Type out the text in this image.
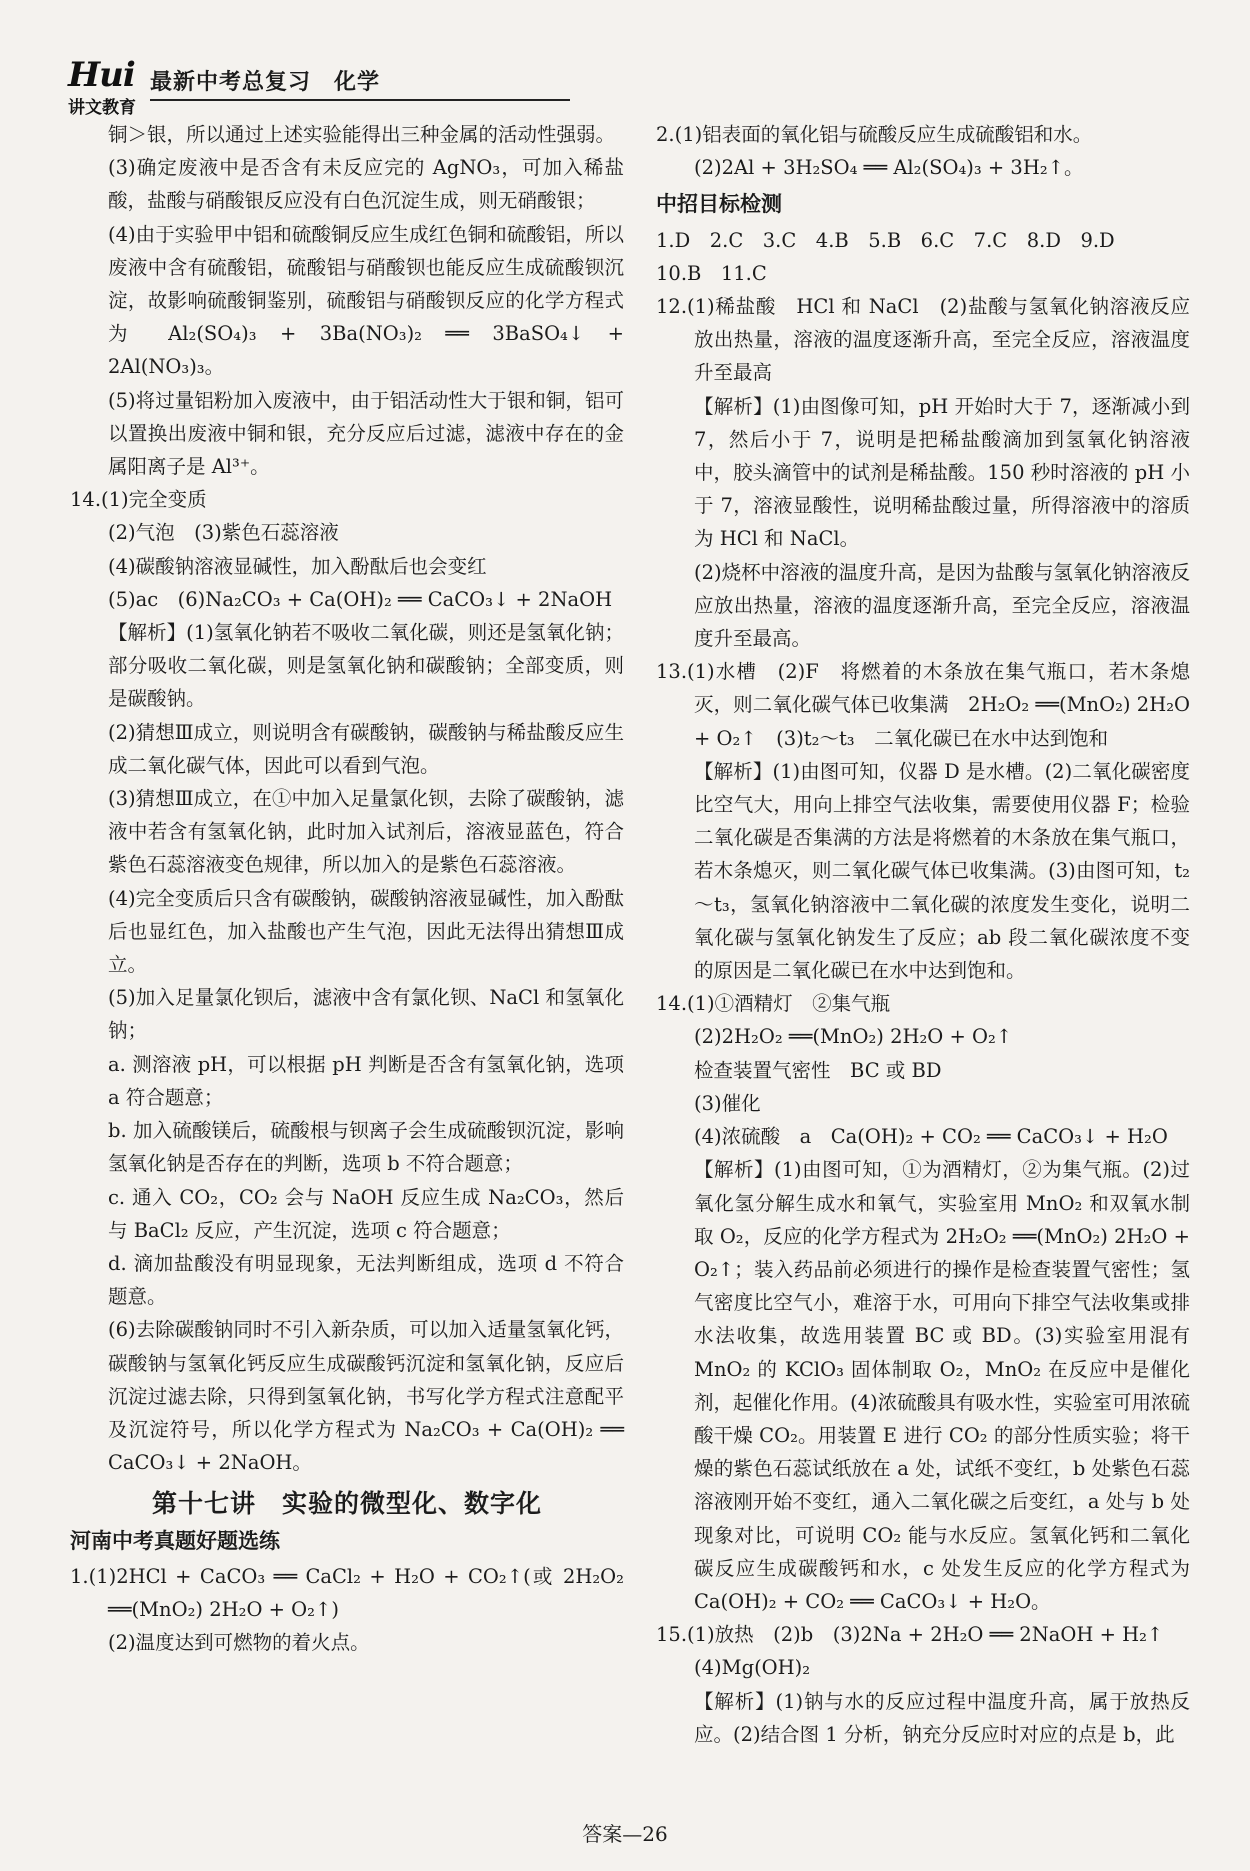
Hui
讲文教育
最新中考总复习　化学
铜＞银，所以通过上述实验能得出三种金属的活动性强弱。
(3)确定废液中是否含有未反应完的 AgNO₃，可加入稀盐酸，盐酸与硝酸银反应没有白色沉淀生成，则无硝酸银；
(4)由于实验甲中铝和硫酸铜反应生成红色铜和硫酸铝，所以废液中含有硫酸铝，硫酸铝与硝酸钡也能反应生成硫酸钡沉淀，故影响硫酸铜鉴别，硫酸铝与硝酸钡反应的化学方程式为 Al₂(SO₄)₃ + 3Ba(NO₃)₂ ══ 3BaSO₄↓ + 2Al(NO₃)₃。
(5)将过量铝粉加入废液中，由于铝活动性大于银和铜，铝可以置换出废液中铜和银，充分反应后过滤，滤液中存在的金属阳离子是 Al³⁺。
14.(1)完全变质
(2)气泡　(3)紫色石蕊溶液
(4)碳酸钠溶液显碱性，加入酚酞后也会变红
(5)ac　(6)Na₂CO₃ + Ca(OH)₂ ══ CaCO₃↓ + 2NaOH
【解析】(1)氢氧化钠若不吸收二氧化碳，则还是氢氧化钠；部分吸收二氧化碳，则是氢氧化钠和碳酸钠；全部变质，则是碳酸钠。
(2)猜想Ⅲ成立，则说明含有碳酸钠，碳酸钠与稀盐酸反应生成二氧化碳气体，因此可以看到气泡。
(3)猜想Ⅲ成立，在①中加入足量氯化钡，去除了碳酸钠，滤液中若含有氢氧化钠，此时加入试剂后，溶液显蓝色，符合紫色石蕊溶液变色规律，所以加入的是紫色石蕊溶液。
(4)完全变质后只含有碳酸钠，碳酸钠溶液显碱性，加入酚酞后也显红色，加入盐酸也产生气泡，因此无法得出猜想Ⅲ成立。
(5)加入足量氯化钡后，滤液中含有氯化钡、NaCl 和氢氧化钠；
a. 测溶液 pH，可以根据 pH 判断是否含有氢氧化钠，选项 a 符合题意；
b. 加入硫酸镁后，硫酸根与钡离子会生成硫酸钡沉淀，影响氢氧化钠是否存在的判断，选项 b 不符合题意；
c. 通入 CO₂，CO₂ 会与 NaOH 反应生成 Na₂CO₃，然后与 BaCl₂ 反应，产生沉淀，选项 c 符合题意；
d. 滴加盐酸没有明显现象，无法判断组成，选项 d 不符合题意。
(6)去除碳酸钠同时不引入新杂质，可以加入适量氢氧化钙，碳酸钠与氢氧化钙反应生成碳酸钙沉淀和氢氧化钠，反应后沉淀过滤去除，只得到氢氧化钠，书写化学方程式注意配平及沉淀符号，所以化学方程式为 Na₂CO₃ + Ca(OH)₂ ══ CaCO₃↓ + 2NaOH。
第十七讲　实验的微型化、数字化
河南中考真题好题选练
1.(1)2HCl + CaCO₃ ══ CaCl₂ + H₂O + CO₂↑(或 2H₂O₂ ══(MnO₂) 2H₂O + O₂↑)
(2)温度达到可燃物的着火点。
2.(1)铝表面的氧化铝与硫酸反应生成硫酸铝和水。
(2)2Al + 3H₂SO₄ ══ Al₂(SO₄)₃ + 3H₂↑。
中招目标检测
1.D　2.C　3.C　4.B　5.B　6.C　7.C　8.D　9.D
10.B　11.C
12.(1)稀盐酸　HCl 和 NaCl　(2)盐酸与氢氧化钠溶液反应放出热量，溶液的温度逐渐升高，至完全反应，溶液温度升至最高
【解析】(1)由图像可知，pH 开始时大于 7，逐渐减小到 7，然后小于 7，说明是把稀盐酸滴加到氢氧化钠溶液中，胶头滴管中的试剂是稀盐酸。150 秒时溶液的 pH 小于 7，溶液显酸性，说明稀盐酸过量，所得溶液中的溶质为 HCl 和 NaCl。
(2)烧杯中溶液的温度升高，是因为盐酸与氢氧化钠溶液反应放出热量，溶液的温度逐渐升高，至完全反应，溶液温度升至最高。
13.(1)水槽　(2)F　将燃着的木条放在集气瓶口，若木条熄灭，则二氧化碳气体已收集满　2H₂O₂ ══(MnO₂) 2H₂O + O₂↑　(3)t₂～t₃　二氧化碳已在水中达到饱和
【解析】(1)由图可知，仪器 D 是水槽。(2)二氧化碳密度比空气大，用向上排空气法收集，需要使用仪器 F；检验二氧化碳是否集满的方法是将燃着的木条放在集气瓶口，若木条熄灭，则二氧化碳气体已收集满。(3)由图可知，t₂～t₃，氢氧化钠溶液中二氧化碳的浓度发生变化，说明二氧化碳与氢氧化钠发生了反应；ab 段二氧化碳浓度不变的原因是二氧化碳已在水中达到饱和。
14.(1)①酒精灯　②集气瓶
(2)2H₂O₂ ══(MnO₂) 2H₂O + O₂↑
检查装置气密性　BC 或 BD
(3)催化
(4)浓硫酸　a　Ca(OH)₂ + CO₂ ══ CaCO₃↓ + H₂O
【解析】(1)由图可知，①为酒精灯，②为集气瓶。(2)过氧化氢分解生成水和氧气，实验室用 MnO₂ 和双氧水制取 O₂，反应的化学方程式为 2H₂O₂ ══(MnO₂) 2H₂O + O₂↑；装入药品前必须进行的操作是检查装置气密性；氢气密度比空气小，难溶于水，可用向下排空气法收集或排水法收集，故选用装置 BC 或 BD。(3)实验室用混有 MnO₂ 的 KClO₃ 固体制取 O₂，MnO₂ 在反应中是催化剂，起催化作用。(4)浓硫酸具有吸水性，实验室可用浓硫酸干燥 CO₂。用装置 E 进行 CO₂ 的部分性质实验；将干燥的紫色石蕊试纸放在 a 处，试纸不变红，b 处紫色石蕊溶液刚开始不变红，通入二氧化碳之后变红，a 处与 b 处现象对比，可说明 CO₂ 能与水反应。氢氧化钙和二氧化碳反应生成碳酸钙和水，c 处发生反应的化学方程式为 Ca(OH)₂ + CO₂ ══ CaCO₃↓ + H₂O。
15.(1)放热　(2)b　(3)2Na + 2H₂O ══ 2NaOH + H₂↑
(4)Mg(OH)₂
【解析】(1)钠与水的反应过程中温度升高，属于放热反应。(2)结合图 1 分析，钠充分反应时对应的点是 b，此
答案—26
